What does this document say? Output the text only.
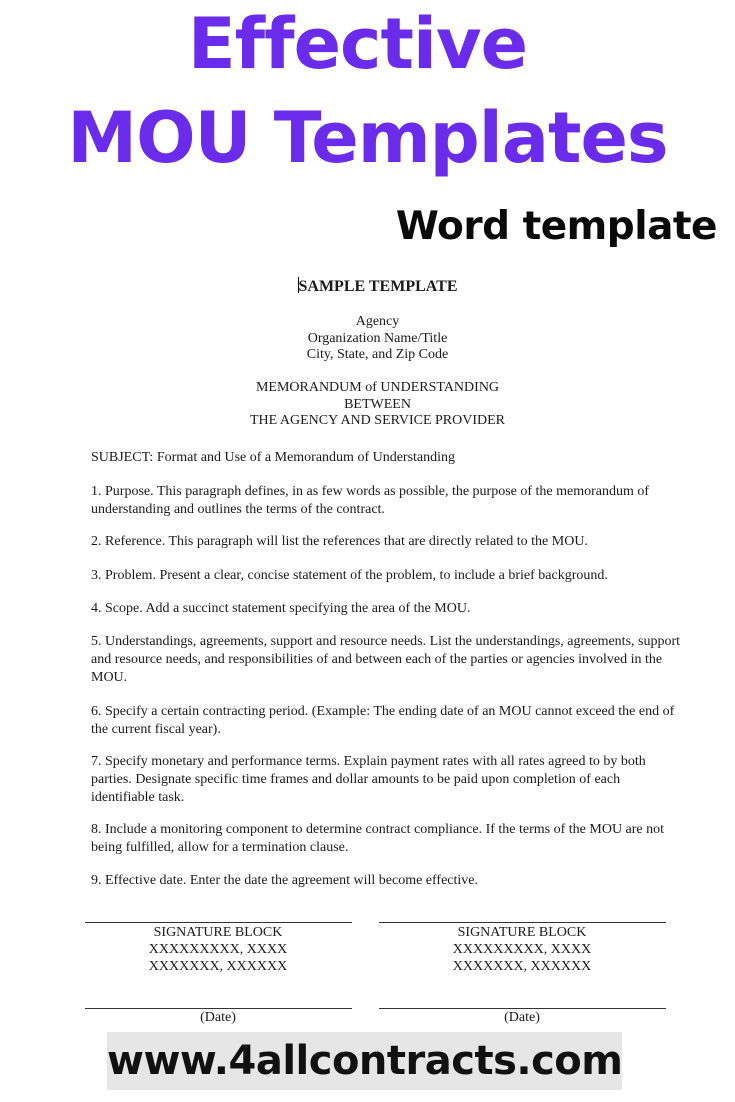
Effective
MOU Templates
Word template
SAMPLE TEMPLATE
Agency
Organization Name/Title
City, State, and Zip Code
MEMORANDUM of UNDERSTANDING
BETWEEN
THE AGENCY AND SERVICE PROVIDER
SUBJECT: Format and Use of a Memorandum of Understanding
1. Purpose. This paragraph defines, in as few words as possible, the purpose of the memorandum of understanding and outlines the terms of the contract.
2. Reference. This paragraph will list the references that are directly related to the MOU.
3. Problem. Present a clear, concise statement of the problem, to include a brief background.
4. Scope. Add a succinct statement specifying the area of the MOU.
5. Understandings, agreements, support and resource needs. List the understandings, agreements, support and resource needs, and responsibilities of and between each of the parties or agencies involved in the MOU.
6. Specify a certain contracting period. (Example: The ending date of an MOU cannot exceed the end of the current fiscal year).
7. Specify monetary and performance terms. Explain payment rates with all rates agreed to by both parties. Designate specific time frames and dollar amounts to be paid upon completion of each identifiable task.
8. Include a monitoring component to determine contract compliance. If the terms of the MOU are not being fulfilled, allow for a termination clause.
9. Effective date. Enter the date the agreement will become effective.
SIGNATURE BLOCK
XXXXXXXXX, XXXX
XXXXXXX, XXXXXX
(Date)
SIGNATURE BLOCK
XXXXXXXXX, XXXX
XXXXXXX, XXXXXX
(Date)
www.4allcontracts.com
